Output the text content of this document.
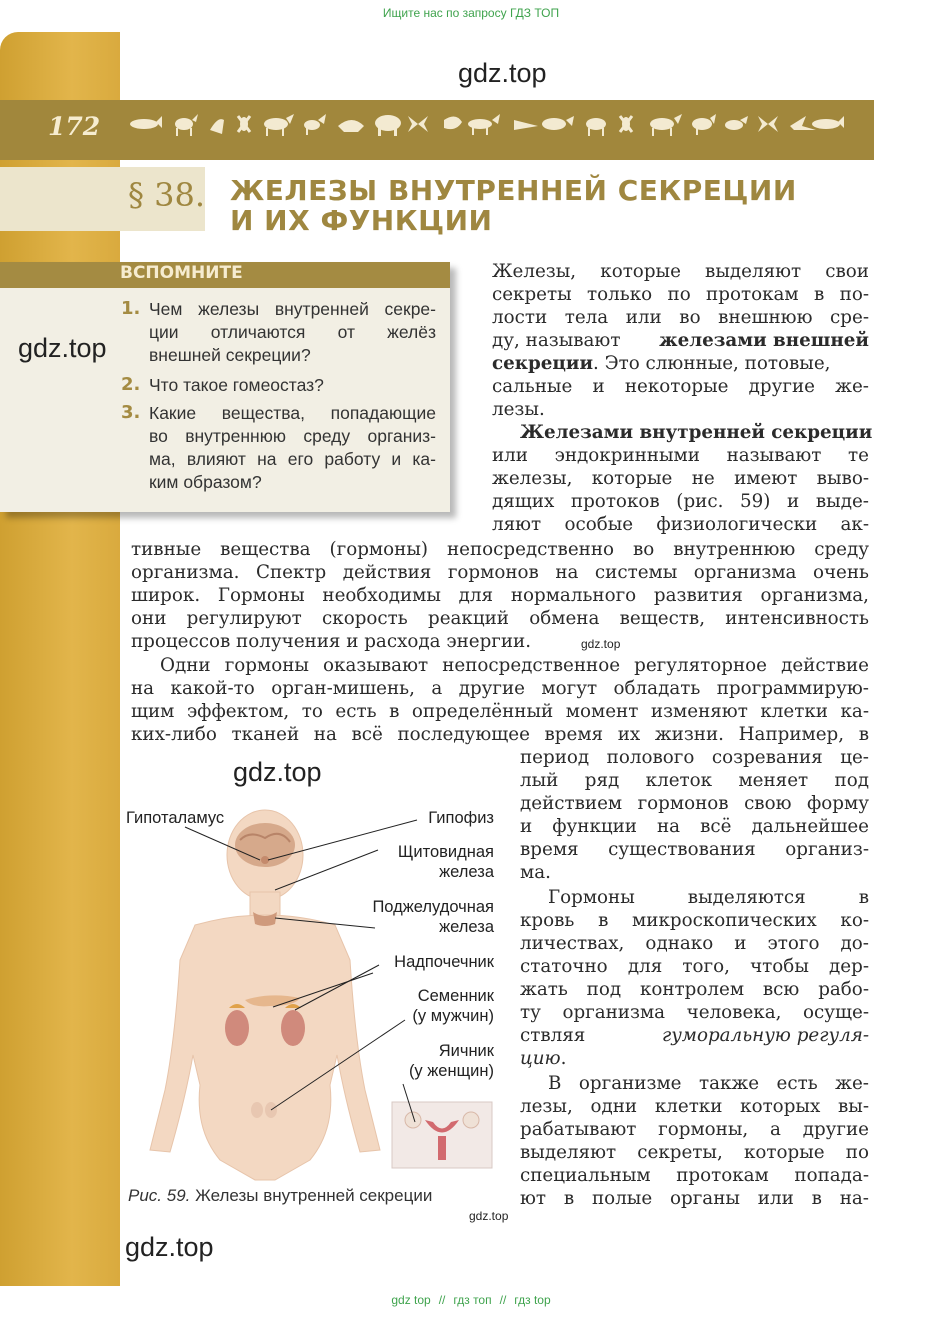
Ищите нас по запросу ГДЗ ТОП
172
§ 38. ЖЕЛЕЗЫ ВНУТРЕННЕЙ СЕКРЕЦИИ
И ИХ ФУНКЦИИ
gdz.top
ВСПОМНИТЕ
1. Чем железы внутренней секре-
ции отличаются от желёз
внешней секреции?
2. Что такое гомеостаз?
3. Какие вещества, попадающие
во внутреннюю среду организ-
ма, влияют на его работу и ка-
ким образом?
gdz.top
Железы, которые выделяют свои
секреты только по протокам в по-
лости тела или во внешнюю сре-
ду, называют железами внешней
секреции. Это слюнные, потовые,
сальные и некоторые другие же-
лезы.
Железами внутренней секреции
или эндокринными называют те
железы, которые не имеют выво-
дящих протоков (рис. 59) и выде-
ляют особые физиологически ак-
тивные вещества (гормоны) непосредственно во внутреннюю среду
организма. Спектр действия гормонов на системы организма очень
широк. Гормоны необходимы для нормального развития организма,
они регулируют скорость реакций обмена веществ, интенсивность
процессов получения и расхода энергии.	gdz.top
Одни гормоны оказывают непосредственное регуляторное действие
на какой-то орган-мишень, а другие могут обладать программирую-
щим эффектом, то есть в определённый момент изменяют клетки ка-
ких-либо тканей на всё последующее время их жизни. Например, в
период полового созревания це-
лый ряд клеток меняет под
действием гормонов свою форму
и функции на всё дальнейшее
время существования организ-
ма.
Гормоны выделяются в
кровь в микроскопических ко-
личествах, однако и этого до-
статочно для того, чтобы дер-
жать под контролем всю рабо-
ту организма человека, осуще-
ствляя	гуморальную регуля-
цию.
В организме также есть же-
лезы, одни клетки которых вы-
рабатывают гормоны, а другие
выделяют секреты, которые по
специальным протокам попада-
ют в полые органы или в на-
gdz.top
Гипоталамус	Гипофиз
Щитовидная
железа
Поджелудочная
железа
Надпочечник
Семенник
(у мужчин)
Яичник
(у женщин)
Рис. 59. Железы внутренней секреции
gdz.top
gdz.top
gdz top // гдз топ // гдз top
